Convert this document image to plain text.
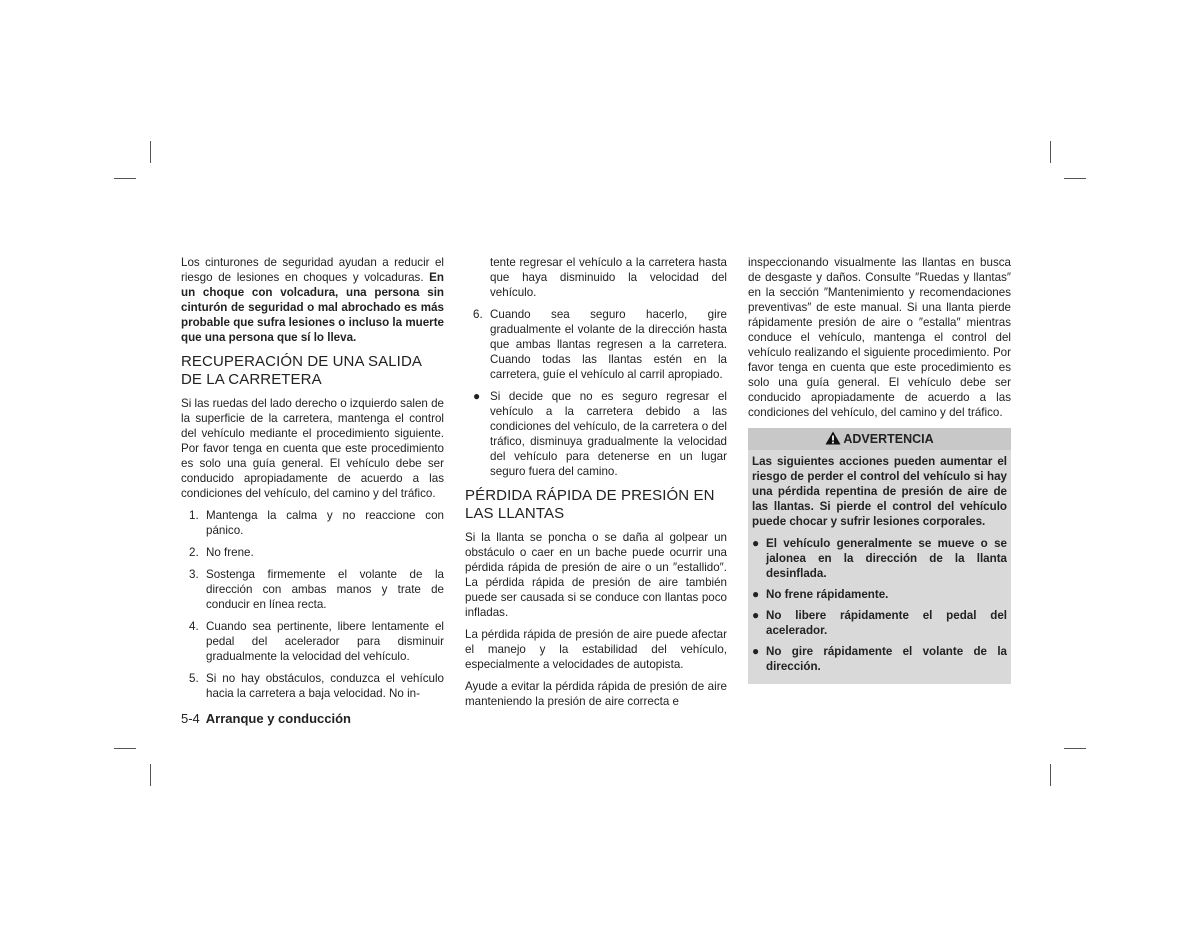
Los cinturones de seguridad ayudan a reducir el riesgo de lesiones en choques y volcaduras. En un choque con volcadura, una persona sin cinturón de seguridad o mal abrochado es más probable que sufra lesiones o incluso la muerte que una persona que sí lo lleva.

RECUPERACIÓN DE UNA SALIDA DE LA CARRETERA

Si las ruedas del lado derecho o izquierdo salen de la superficie de la carretera, mantenga el control del vehículo mediante el procedimiento siguiente. Por favor tenga en cuenta que este procedimiento es solo una guía general. El vehículo debe ser conducido apropiadamente de acuerdo a las condiciones del vehículo, del camino y del tráfico.

1. Mantenga la calma y no reaccione con pánico.
2. No frene.
3. Sostenga firmemente el volante de la dirección con ambas manos y trate de conducir en línea recta.
4. Cuando sea pertinente, libere lentamente el pedal del acelerador para disminuir gradualmente la velocidad del vehículo.
5. Si no hay obstáculos, conduzca el vehículo hacia la carretera a baja velocidad. No in-
tente regresar el vehículo a la carretera hasta que haya disminuido la velocidad del vehículo.
6. Cuando sea seguro hacerlo, gire gradualmente el volante de la dirección hasta que ambas llantas regresen a la carretera. Cuando todas las llantas estén en la carretera, guíe el vehículo al carril apropiado.
● Si decide que no es seguro regresar el vehículo a la carretera debido a las condiciones del vehículo, de la carretera o del tráfico, disminuya gradualmente la velocidad del vehículo para detenerse en un lugar seguro fuera del camino.
PÉRDIDA RÁPIDA DE PRESIÓN EN LAS LLANTAS

Si la llanta se poncha o se daña al golpear un obstáculo o caer en un bache puede ocurrir una pérdida rápida de presión de aire o un ″estallido″. La pérdida rápida de presión de aire también puede ser causada si se conduce con llantas poco infladas.

La pérdida rápida de presión de aire puede afectar el manejo y la estabilidad del vehículo, especialmente a velocidades de autopista.

Ayude a evitar la pérdida rápida de presión de aire manteniendo la presión de aire correcta e

inspeccionando visualmente las llantas en busca de desgaste y daños. Consulte ″Ruedas y llantas″ en la sección ″Mantenimiento y recomendaciones preventivas″ de este manual. Si una llanta pierde rápidamente presión de aire o ″estalla″ mientras conduce el vehículo, mantenga el control del vehículo realizando el siguiente procedimiento. Por favor tenga en cuenta que este procedimiento es solo una guía general. El vehículo debe ser conducido apropiadamente de acuerdo a las condiciones del vehículo, del camino y del tráfico.

ADVERTENCIA

Las siguientes acciones pueden aumentar el riesgo de perder el control del vehículo si hay una pérdida repentina de presión de aire de las llantas. Si pierde el control del vehículo puede chocar y sufrir lesiones corporales.

● El vehículo generalmente se mueve o se jalonea en la dirección de la llanta desinflada.
● No frene rápidamente.
● No libere rápidamente el pedal del acelerador.
● No gire rápidamente el volante de la dirección.
5-4 Arranque y conducción
